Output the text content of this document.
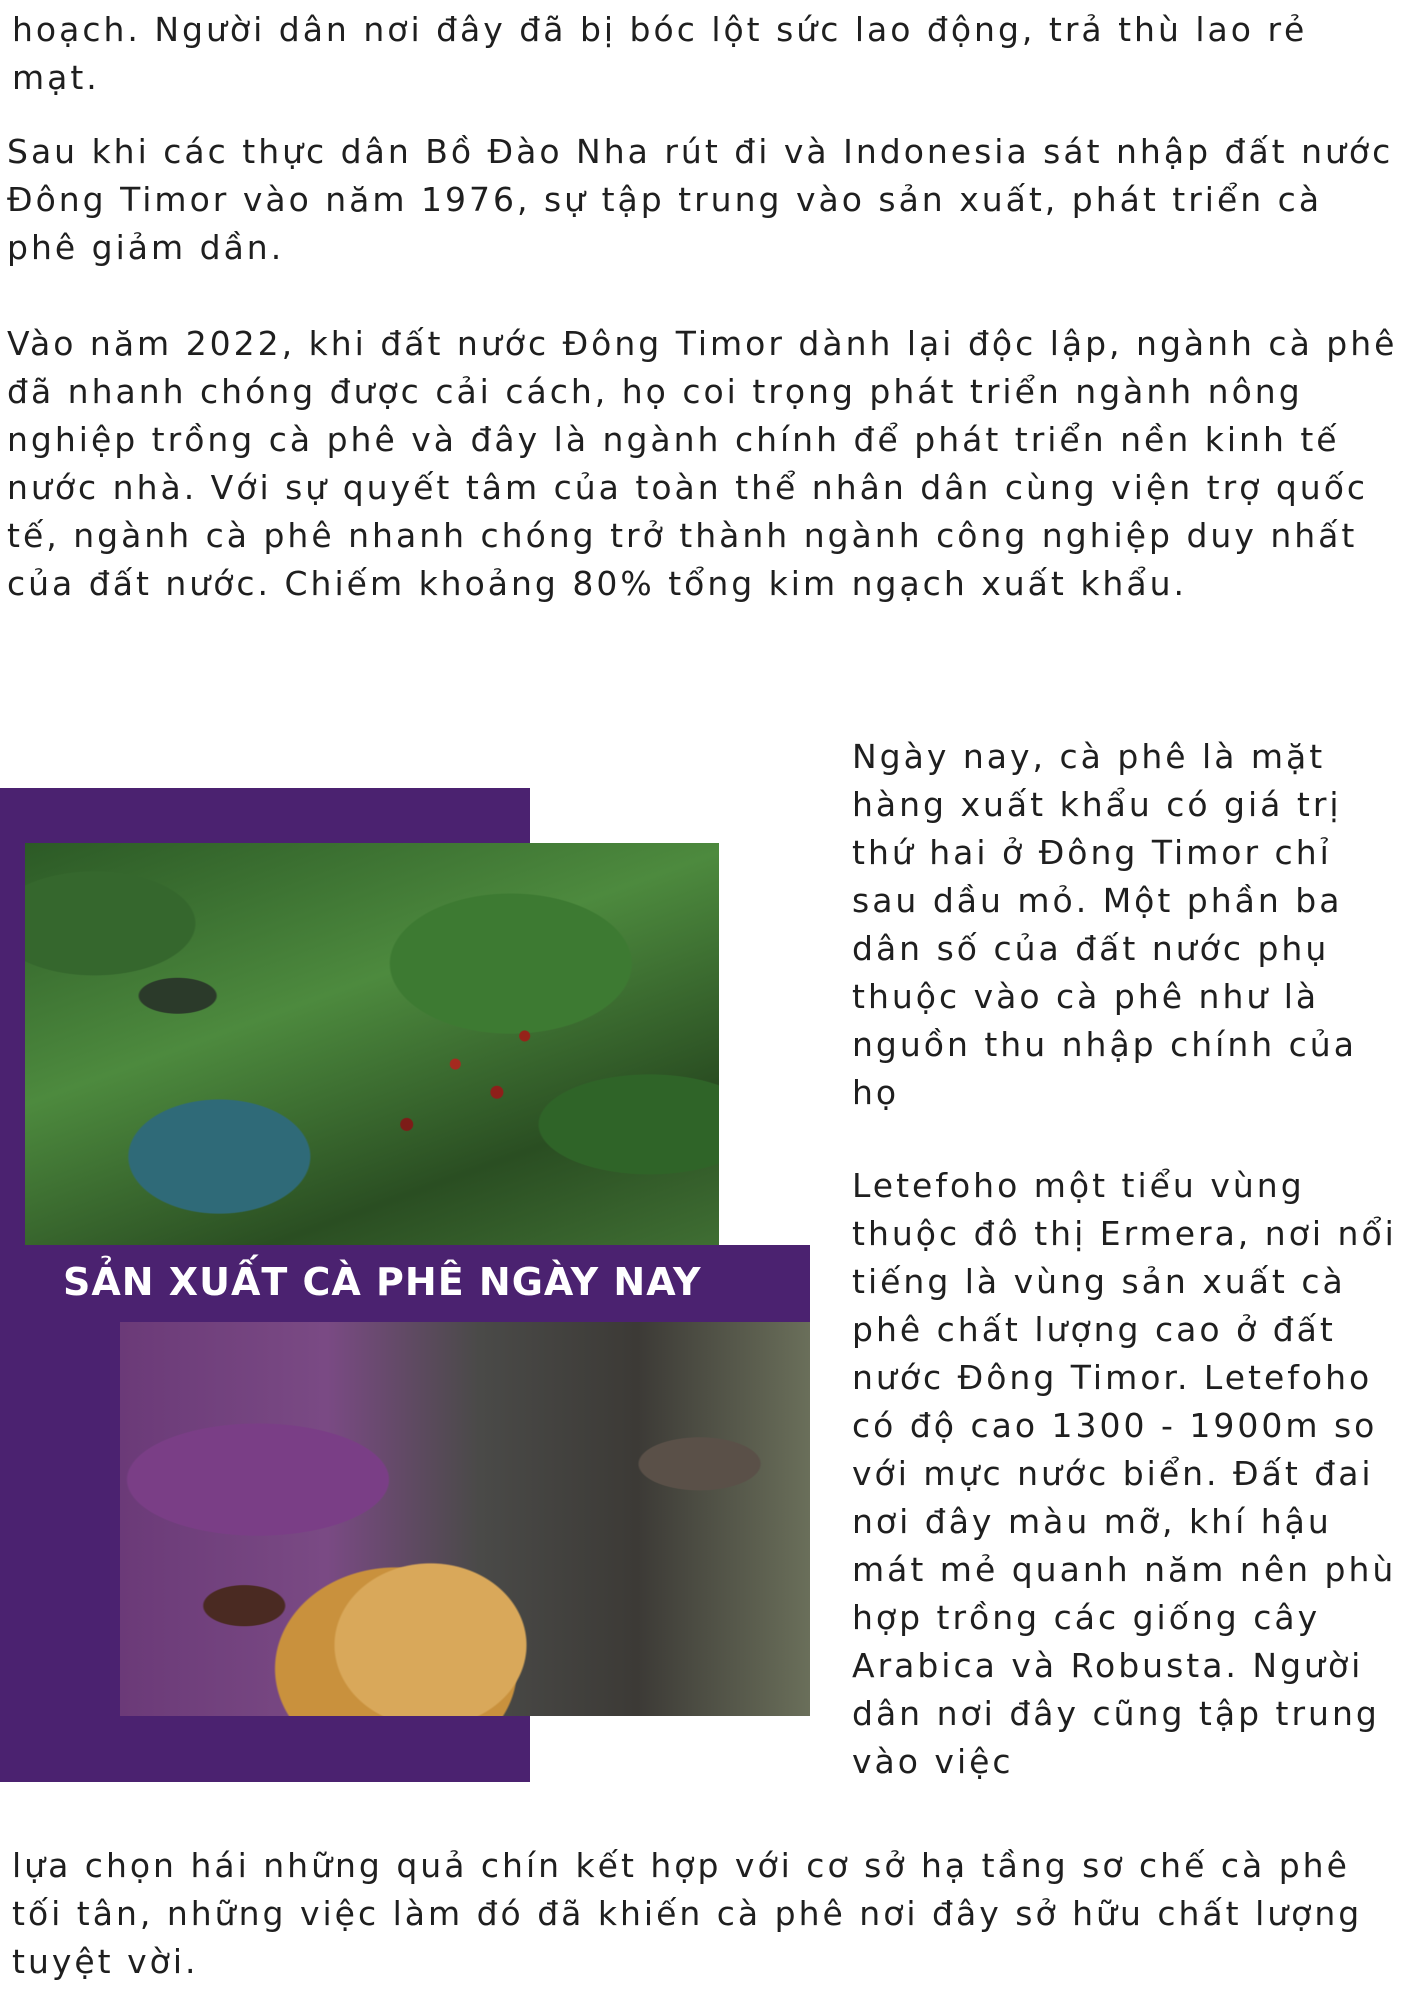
hoạch. Người dân nơi đây đã bị bóc lột sức lao động, trả thù lao rẻ mạt.

Sau khi các thực dân Bồ Đào Nha rút đi và Indonesia sát nhập đất nước Đông Timor vào năm 1976, sự tập trung vào sản xuất, phát triển cà phê giảm dần.

Vào năm 2022, khi đất nước Đông Timor dành lại độc lập, ngành cà phê đã nhanh chóng được cải cách, họ coi trọng phát triển ngành nông nghiệp trồng cà phê và đây là ngành chính để phát triển nền kinh tế nước nhà. Với sự quyết tâm của toàn thể nhân dân cùng viện trợ quốc tế, ngành cà phê nhanh chóng trở thành ngành công nghiệp duy nhất của đất nước. Chiếm khoảng 80% tổng kim ngạch xuất khẩu.

SẢN XUẤT CÀ PHÊ NGÀY NAY

Ngày nay, cà phê là mặt hàng xuất khẩu có giá trị thứ hai ở Đông Timor chỉ sau dầu mỏ. Một phần ba dân số của đất nước phụ thuộc vào cà phê như là nguồn thu nhập chính của họ

Letefoho một tiểu vùng thuộc đô thị Ermera, nơi nổi tiếng là vùng sản xuất cà phê chất lượng cao ở đất nước Đông Timor. Letefoho có độ cao 1300 - 1900m so với mực nước biển. Đất đai nơi đây màu mỡ, khí hậu mát mẻ quanh năm nên phù hợp trồng các giống cây Arabica và Robusta. Người dân nơi đây cũng tập trung vào việc

lựa chọn hái những quả chín kết hợp với cơ sở hạ tầng sơ chế cà phê tối tân, những việc làm đó đã khiến cà phê nơi đây sở hữu chất lượng tuyệt vời.
